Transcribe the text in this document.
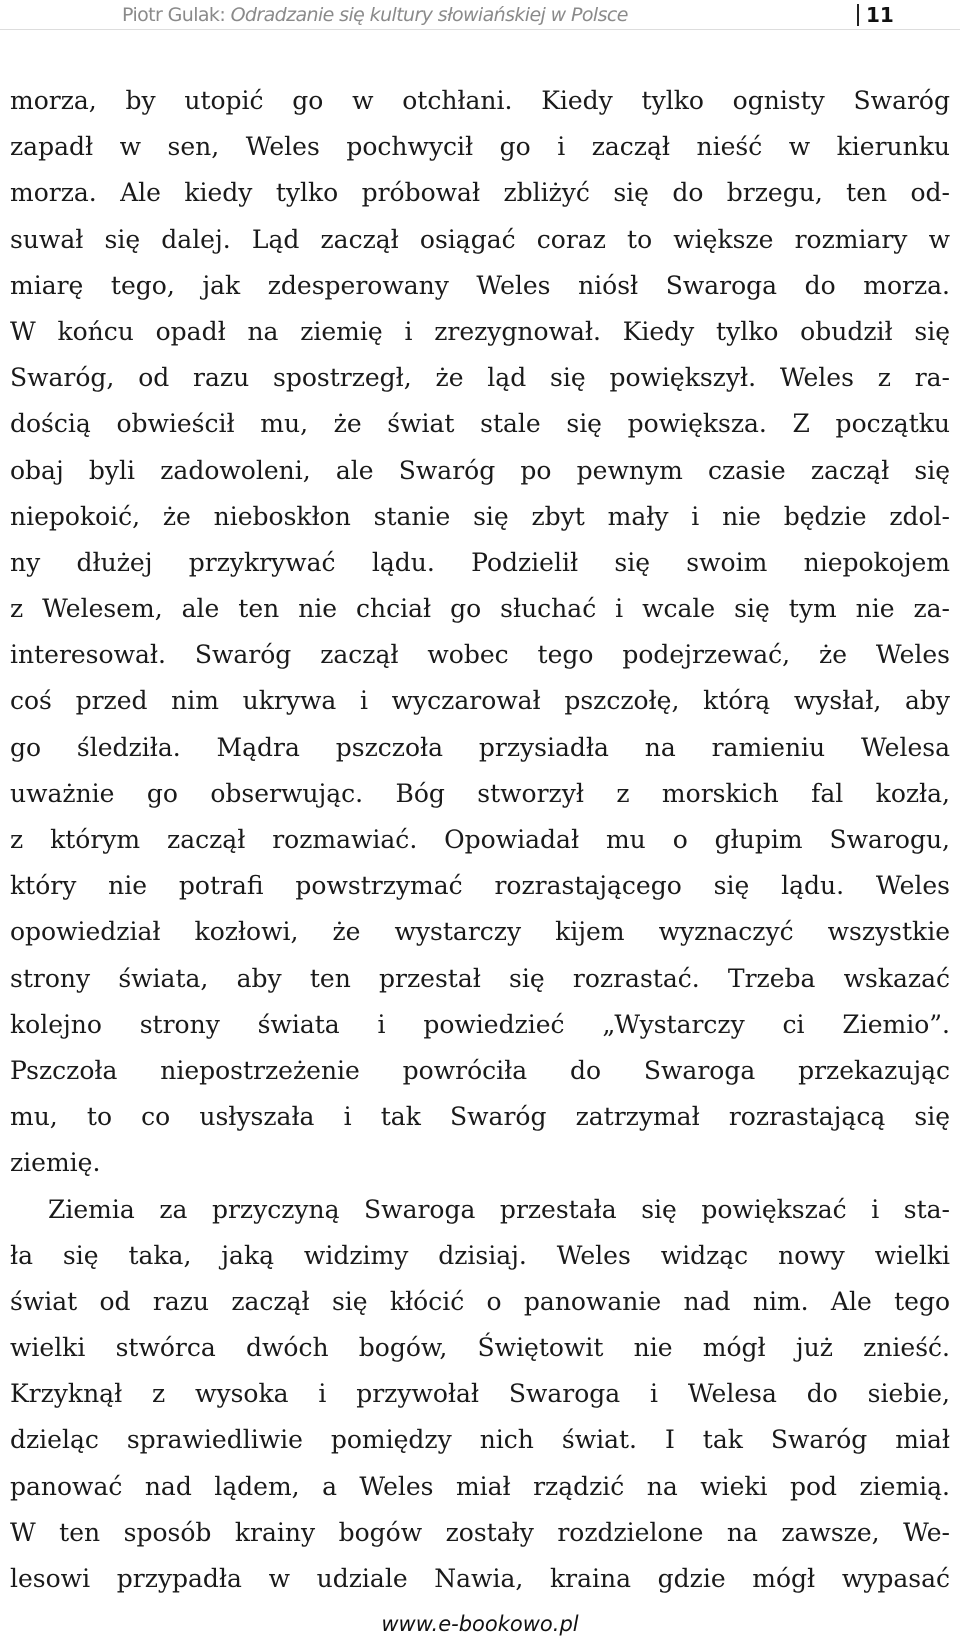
Piotr Gulak: Odradzanie się kultury słowiańskiej w Polsce	11
morza, by utopić go w otchłani. Kiedy tylko ognisty Swaróg
zapadł w sen, Weles pochwycił go i zaczął nieść w kierunku
morza. Ale kiedy tylko próbował zbliżyć się do brzegu, ten od-
suwał się dalej. Ląd zaczął osiągać coraz to większe rozmiary w
miarę tego, jak zdesperowany Weles niósł Swaroga do morza.
W końcu opadł na ziemię i zrezygnował. Kiedy tylko obudził się
Swaróg, od razu spostrzegł, że ląd się powiększył. Weles z ra-
dością obwieścił mu, że świat stale się powiększa. Z początku
obaj byli zadowoleni, ale Swaróg po pewnym czasie zaczął się
niepokoić, że nieboskłon stanie się zbyt mały i nie będzie zdol-
ny dłużej przykrywać lądu. Podzielił się swoim niepokojem
z Welesem, ale ten nie chciał go słuchać i wcale się tym nie za-
interesował. Swaróg zaczął wobec tego podejrzewać, że Weles
coś przed nim ukrywa i wyczarował pszczołę, którą wysłał, aby
go śledziła. Mądra pszczoła przysiadła na ramieniu Welesa
uważnie go obserwując. Bóg stworzył z morskich fal kozła,
z którym zaczął rozmawiać. Opowiadał mu o głupim Swarogu,
który nie potrafi powstrzymać rozrastającego się lądu. Weles
opowiedział kozłowi, że wystarczy kijem wyznaczyć wszystkie
strony świata, aby ten przestał się rozrastać. Trzeba wskazać
kolejno strony świata i powiedzieć „Wystarczy ci Ziemio”.
Pszczoła niepostrzeżenie powróciła do Swaroga przekazując
mu, to co usłyszała i tak Swaróg zatrzymał rozrastającą się
ziemię.
Ziemia za przyczyną Swaroga przestała się powiększać i sta-
ła się taka, jaką widzimy dzisiaj. Weles widząc nowy wielki
świat od razu zaczął się kłócić o panowanie nad nim. Ale tego
wielki stwórca dwóch bogów, Świętowit nie mógł już znieść.
Krzyknął z wysoka i przywołał Swaroga i Welesa do siebie,
dzieląc sprawiedliwie pomiędzy nich świat. I tak Swaróg miał
panować nad lądem, a Weles miał rządzić na wieki pod ziemią.
W ten sposób krainy bogów zostały rozdzielone na zawsze, We-
lesowi przypadła w udziale Nawia, kraina gdzie mógł wypasać
www.e-bookowo.pl
